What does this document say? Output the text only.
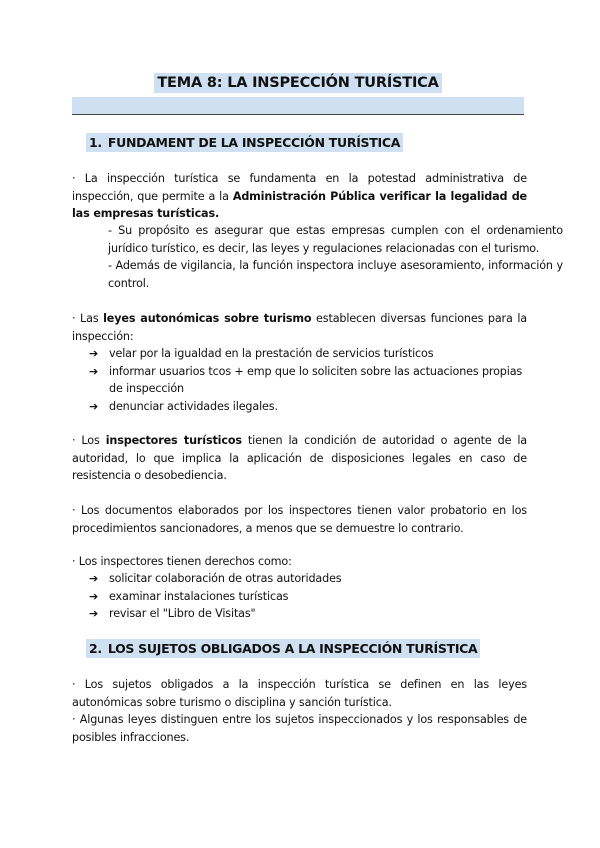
TEMA 8: LA INSPECCIÓN TURÍSTICA
1. FUNDAMENT DE LA INSPECCIÓN TURÍSTICA
· La inspección turística se fundamenta en la potestad administrativa de inspección, que permite a la Administración Pública verificar la legalidad de las empresas turísticas.
- Su propósito es asegurar que estas empresas cumplen con el ordenamiento jurídico turístico, es decir, las leyes y regulaciones relacionadas con el turismo.
- Además de vigilancia, la función inspectora incluye asesoramiento, información y control.
· Las leyes autonómicas sobre turismo establecen diversas funciones para la inspección:
➔ velar por la igualdad en la prestación de servicios turísticos
➔ informar usuarios tcos + emp que lo soliciten sobre las actuaciones propias de inspección
➔ denunciar actividades ilegales.
· Los inspectores turísticos tienen la condición de autoridad o agente de la autoridad, lo que implica la aplicación de disposiciones legales en caso de resistencia o desobediencia.
· Los documentos elaborados por los inspectores tienen valor probatorio en los procedimientos sancionadores, a menos que se demuestre lo contrario.
· Los inspectores tienen derechos como:
➔ solicitar colaboración de otras autoridades
➔ examinar instalaciones turísticas
➔ revisar el "Libro de Visitas"
2. LOS SUJETOS OBLIGADOS A LA INSPECCIÓN TURÍSTICA
· Los sujetos obligados a la inspección turística se definen en las leyes autonómicas sobre turismo o disciplina y sanción turística.
· Algunas leyes distinguen entre los sujetos inspeccionados y los responsables de posibles infracciones.
